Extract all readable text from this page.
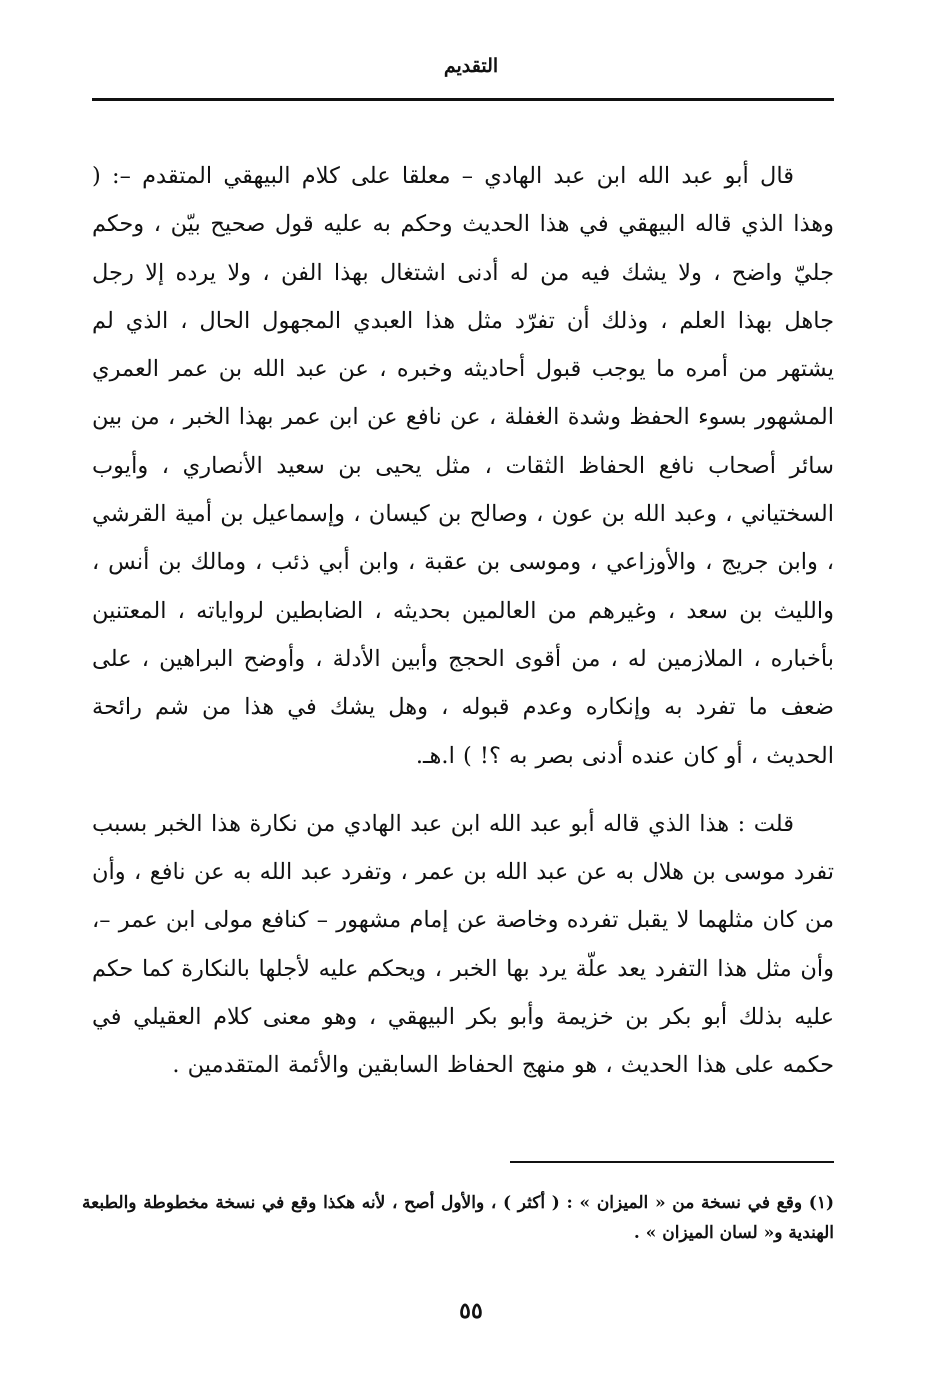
التقديم

قال أبو عبد الله ابن عبد الهادي – معلقا على كلام البيهقي المتقدم –: ( وهذا الذي قاله البيهقي في هذا الحديث وحكم به عليه قول صحيح بيّن ، وحكم جليّ واضح ، ولا يشك فيه من له أدنى اشتغال بهذا الفن ، ولا يرده إلا رجل جاهل بهذا العلم ، وذلك أن تفرّد مثل هذا العبدي المجهول الحال ، الذي لم يشتهر من أمره ما يوجب قبول أحاديثه وخبره ، عن عبد الله بن عمر العمري المشهور بسوء الحفظ وشدة الغفلة ، عن نافع عن ابن عمر بهذا الخبر ، من بين سائر أصحاب نافع الحفاظ الثقات ، مثل يحيى بن سعيد الأنصاري ، وأيوب السختياني ، وعبد الله بن عون ، وصالح بن كيسان ، وإسماعيل بن أمية القرشي ، وابن جريج ، والأوزاعي ، وموسى بن عقبة ، وابن أبي ذئب ، ومالك بن أنس ، والليث بن سعد ، وغيرهم من العالمين بحديثه ، الضابطين لرواياته ، المعتنين بأخباره ، الملازمين له ، من أقوى الحجج وأبين الأدلة ، وأوضح البراهين ، على ضعف ما تفرد به وإنكاره وعدم قبوله ، وهل يشك في هذا من شم رائحة الحديث ، أو كان عنده أدنى بصر به ؟! ) ا.هـ.

قلت : هذا الذي قاله أبو عبد الله ابن عبد الهادي من نكارة هذا الخبر بسبب تفرد موسى بن هلال به عن عبد الله بن عمر ، وتفرد عبد الله به عن نافع ، وأن من كان مثلهما لا يقبل تفرده وخاصة عن إمام مشهور – كنافع مولى ابن عمر –، وأن مثل هذا التفرد يعد علّة يرد بها الخبر ، ويحكم عليه لأجلها بالنكارة كما حكم عليه بذلك أبو بكر بن خزيمة وأبو بكر البيهقي ، وهو معنى كلام العقيلي في حكمه على هذا الحديث ، هو منهج الحفاظ السابقين والأئمة المتقدمين .

(١) وقع في نسخة من « الميزان » : ( أكثر ) ، والأول أصح ، لأنه هكذا وقع في نسخة مخطوطة والطبعة الهندية و« لسان الميزان » .
٥٥
